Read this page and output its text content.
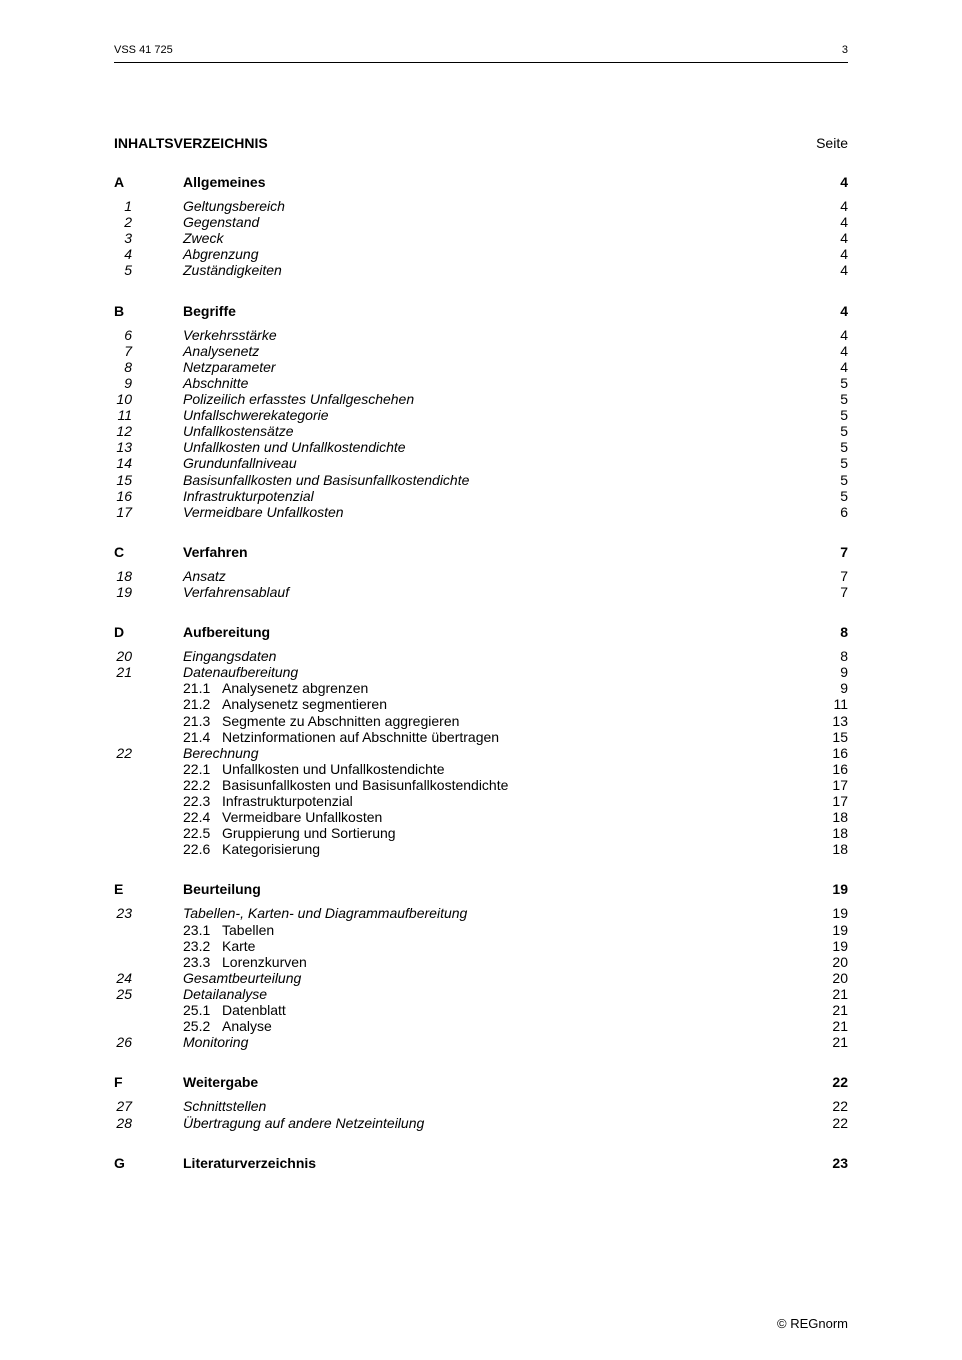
VSS 41 725	3
INHALTSVERZEICHNIS	Seite
A	Allgemeines	4
1	Geltungsbereich	4
2	Gegenstand	4
3	Zweck	4
4	Abgrenzung	4
5	Zuständigkeiten	4
B	Begriffe	4
6	Verkehrsstärke	4
7	Analysenetz	4
8	Netzparameter	4
9	Abschnitte	5
10	Polizeilich erfasstes Unfallgeschehen	5
11	Unfallschwerekategorie	5
12	Unfallkostensätze	5
13	Unfallkosten und Unfallkostendichte	5
14	Grundunfallniveau	5
15	Basisunfallkosten und Basisunfallkostendichte	5
16	Infrastrukturpotenzial	5
17	Vermeidbare Unfallkosten	6
C	Verfahren	7
18	Ansatz	7
19	Verfahrensablauf	7
D	Aufbereitung	8
20	Eingangsdaten	8
21	Datenaufbereitung	9
21.1 Analysenetz abgrenzen	9
21.2 Analysenetz segmentieren	11
21.3 Segmente zu Abschnitten aggregieren	13
21.4 Netzinformationen auf Abschnitte übertragen	15
22	Berechnung	16
22.1 Unfallkosten und Unfallkostendichte	16
22.2 Basisunfallkosten und Basisunfallkostendichte	17
22.3 Infrastrukturpotenzial	17
22.4 Vermeidbare Unfallkosten	18
22.5 Gruppierung und Sortierung	18
22.6 Kategorisierung	18
E	Beurteilung	19
23	Tabellen-, Karten- und Diagrammaufbereitung	19
23.1 Tabellen	19
23.2 Karte	19
23.3 Lorenzkurven	20
24	Gesamtbeurteilung	20
25	Detailanalyse	21
25.1 Datenblatt	21
25.2 Analyse	21
26	Monitoring	21
F	Weitergabe	22
27	Schnittstellen	22
28	Übertragung auf andere Netzeinteilung	22
G	Literaturverzeichnis	23
© REGnorm
